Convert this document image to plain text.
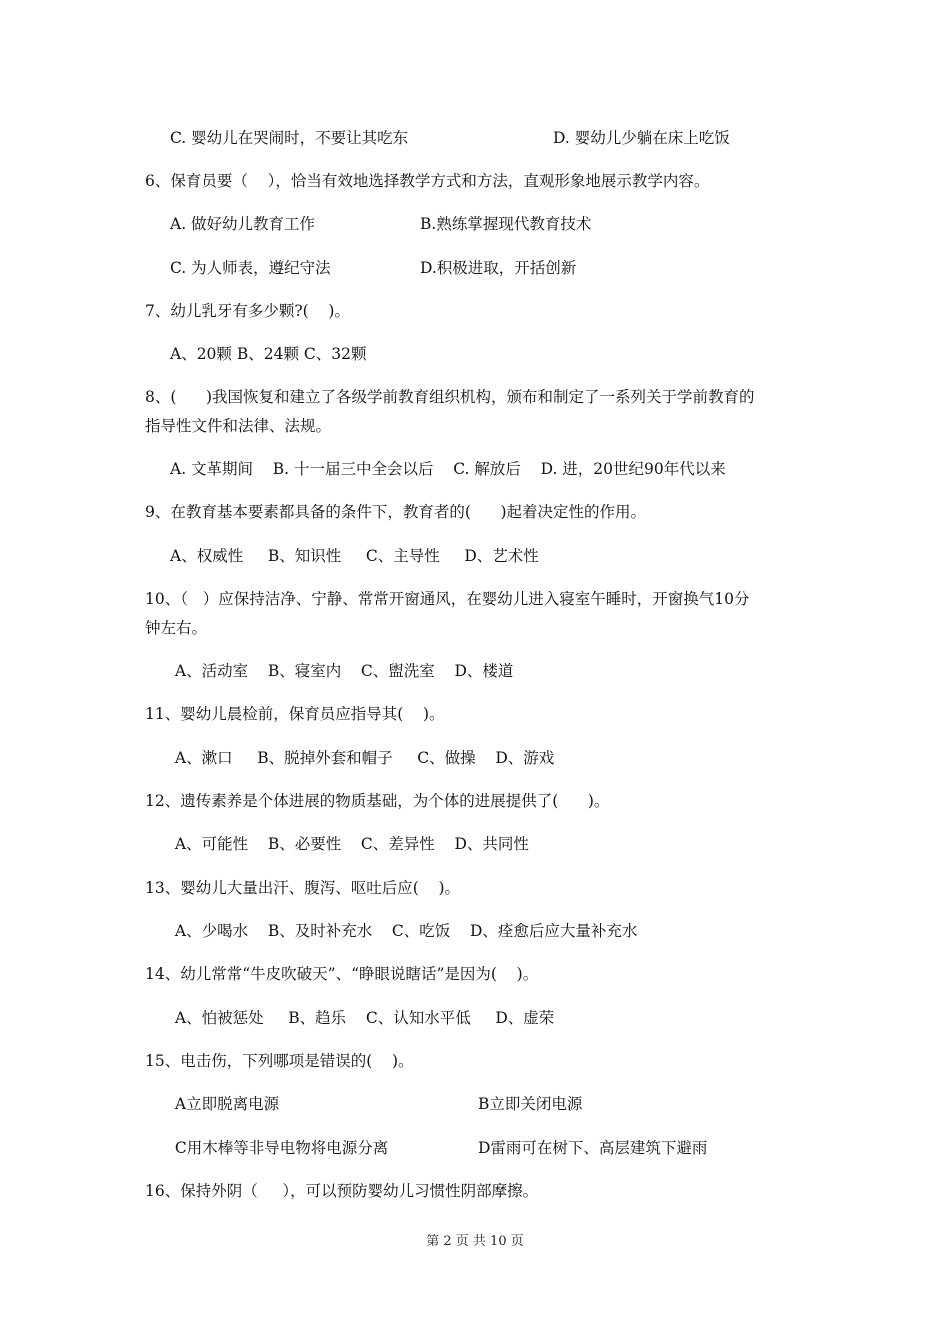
C. 婴幼儿在哭闹时，不要让其吃东	D. 婴幼儿少躺在床上吃饭
6、保育员要（    ），恰当有效地选择教学方式和方法，直观形象地展示教学内容。
A. 做好幼儿教育工作	B.熟练掌握现代教育技术
C. 为人师表，遵纪守法	D.积极进取，开括创新
7、幼儿乳牙有多少颗?(    )。
A、20颗 B、24颗 C、32颗
8、(      )我国恢复和建立了各级学前教育组织机构，颁布和制定了一系列关于学前教育的
指导性文件和法律、法规。
A. 文革期间    B. 十一届三中全会以后    C. 解放后    D. 进，20世纪90年代以来
9、在教育基本要素都具备的条件下，教育者的(      )起着决定性的作用。
A、权威性     B、知识性     C、主导性     D、艺术性
10、（   ）应保持洁净、宁静、常常开窗通风，在婴幼儿进入寝室午睡时，开窗换气10分
钟左右。
A、活动室    B、寝室内    C、盥洗室    D、楼道
11、婴幼儿晨检前，保育员应指导其(    )。
A、漱口     B、脱掉外套和帽子     C、做操    D、游戏
12、遗传素养是个体进展的物质基础，为个体的进展提供了(      )。
A、可能性    B、必要性    C、差异性    D、共同性
13、婴幼儿大量出汗、腹泻、呕吐后应(    )。
A、少喝水    B、及时补充水    C、吃饭    D、痊愈后应大量补充水
14、幼儿常常“牛皮吹破天”、“睁眼说瞎话”是因为(    )。
A、怕被惩处     B、趋乐    C、认知水平低     D、虚荣
15、电击伤，下列哪项是错误的(    )。
A立即脱离电源	B立即关闭电源
C用木棒等非导电物将电源分离	D雷雨可在树下、高层建筑下避雨
16、保持外阴（     ），可以预防婴幼儿习惯性阴部摩擦。
第 2 页 共 10 页
